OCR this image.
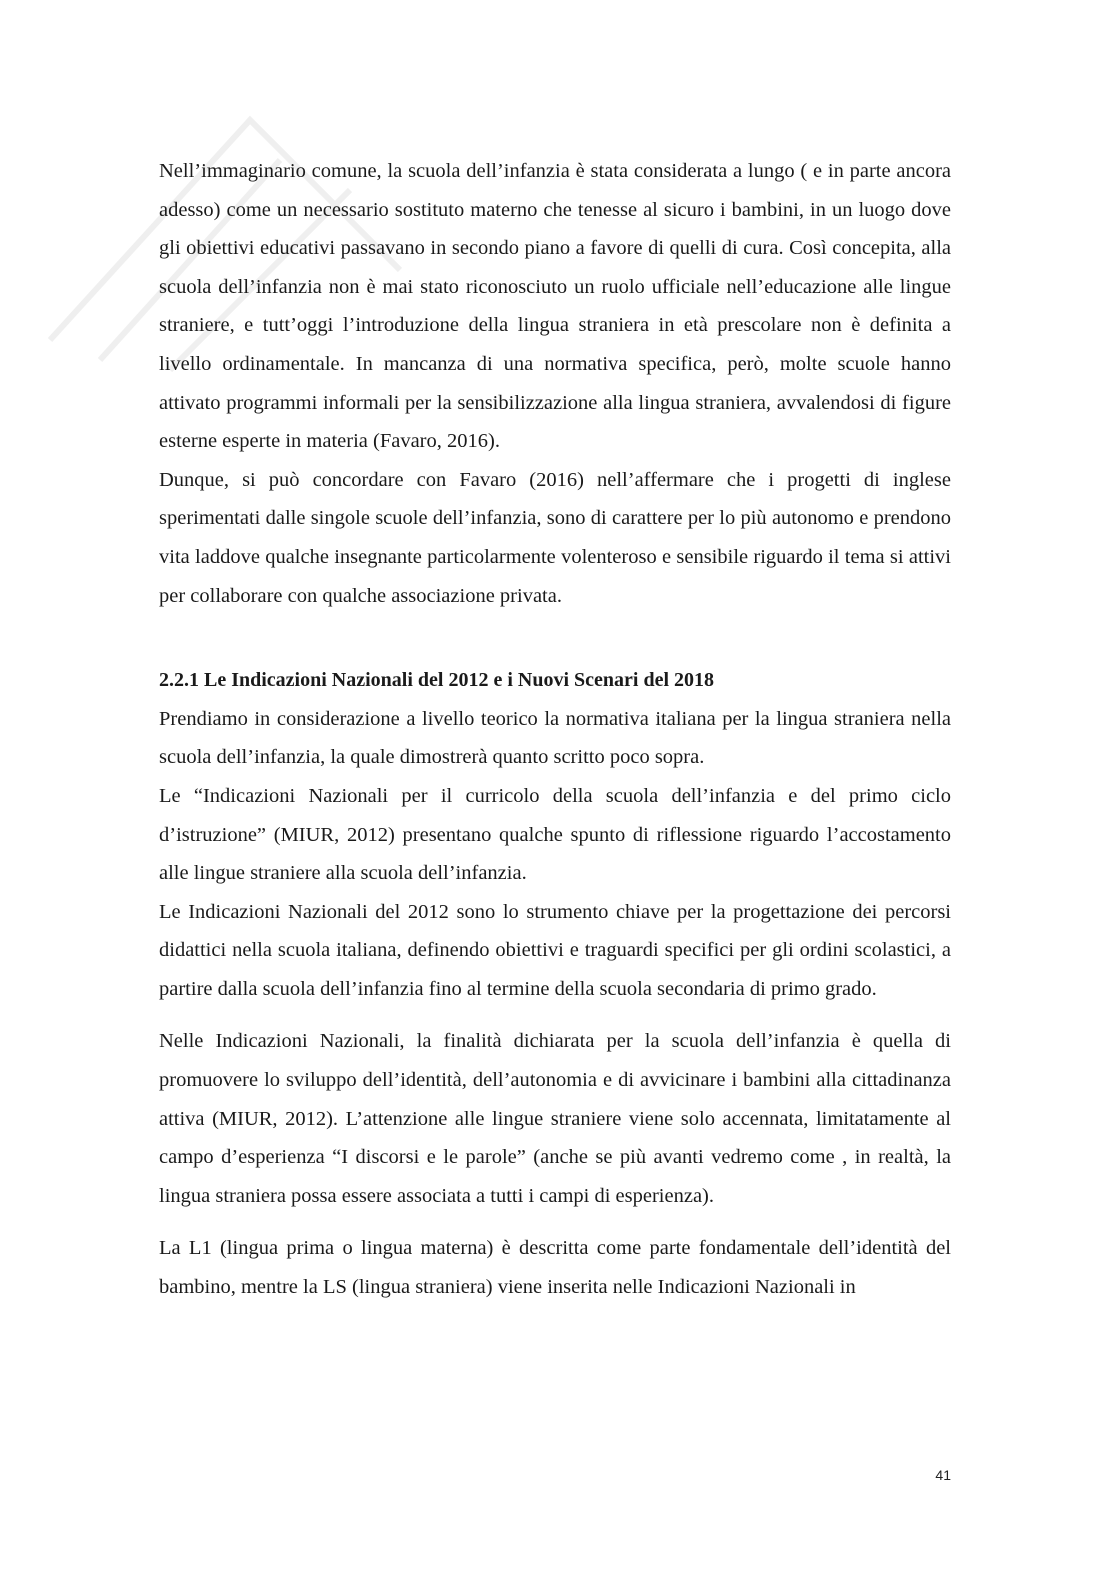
Nell’immaginario comune, la scuola dell’infanzia è stata considerata a lungo ( e in parte ancora adesso) come un necessario sostituto materno che tenesse al sicuro i bambini, in un luogo dove gli obiettivi educativi passavano in secondo piano a favore di quelli di cura. Così concepita, alla scuola dell’infanzia non è mai stato riconosciuto un ruolo ufficiale nell’educazione alle lingue straniere, e tutt’oggi l’introduzione della lingua straniera in età prescolare non è definita a livello ordinamentale. In mancanza di una normativa specifica, però, molte scuole hanno attivato programmi informali per la sensibilizzazione alla lingua straniera, avvalendosi di figure esterne esperte in materia (Favaro, 2016).

Dunque, si può concordare con Favaro (2016) nell’affermare che i progetti di inglese sperimentati dalle singole scuole dell’infanzia, sono di carattere per lo più autonomo e prendono vita laddove qualche insegnante particolarmente volenteroso e sensibile riguardo il tema si attivi per collaborare con qualche associazione privata.

2.2.1 Le Indicazioni Nazionali del 2012 e i Nuovi Scenari del 2018

Prendiamo in considerazione a livello teorico la normativa italiana per la lingua straniera nella scuola dell’infanzia, la quale dimostrerà quanto scritto poco sopra.

Le “Indicazioni Nazionali per il curricolo della scuola dell’infanzia e del primo ciclo d’istruzione” (MIUR, 2012) presentano qualche spunto di riflessione riguardo l’accostamento alle lingue straniere alla scuola dell’infanzia.

Le Indicazioni Nazionali del 2012 sono lo strumento chiave per la progettazione dei percorsi didattici nella scuola italiana, definendo obiettivi e traguardi specifici per gli ordini scolastici, a partire dalla scuola dell’infanzia fino al termine della scuola secondaria di primo grado.

Nelle Indicazioni Nazionali, la finalità dichiarata per la scuola dell’infanzia è quella di promuovere lo sviluppo dell’identità, dell’autonomia e di avvicinare i bambini alla cittadinanza attiva (MIUR, 2012). L’attenzione alle lingue straniere viene solo accennata, limitatamente al campo d’esperienza “I discorsi e le parole” (anche se più avanti vedremo come , in realtà, la lingua straniera possa essere associata a tutti i campi di esperienza).

La L1 (lingua prima o lingua materna) è descritta come parte fondamentale dell’identità del bambino, mentre la LS (lingua straniera) viene inserita nelle Indicazioni Nazionali in

41
